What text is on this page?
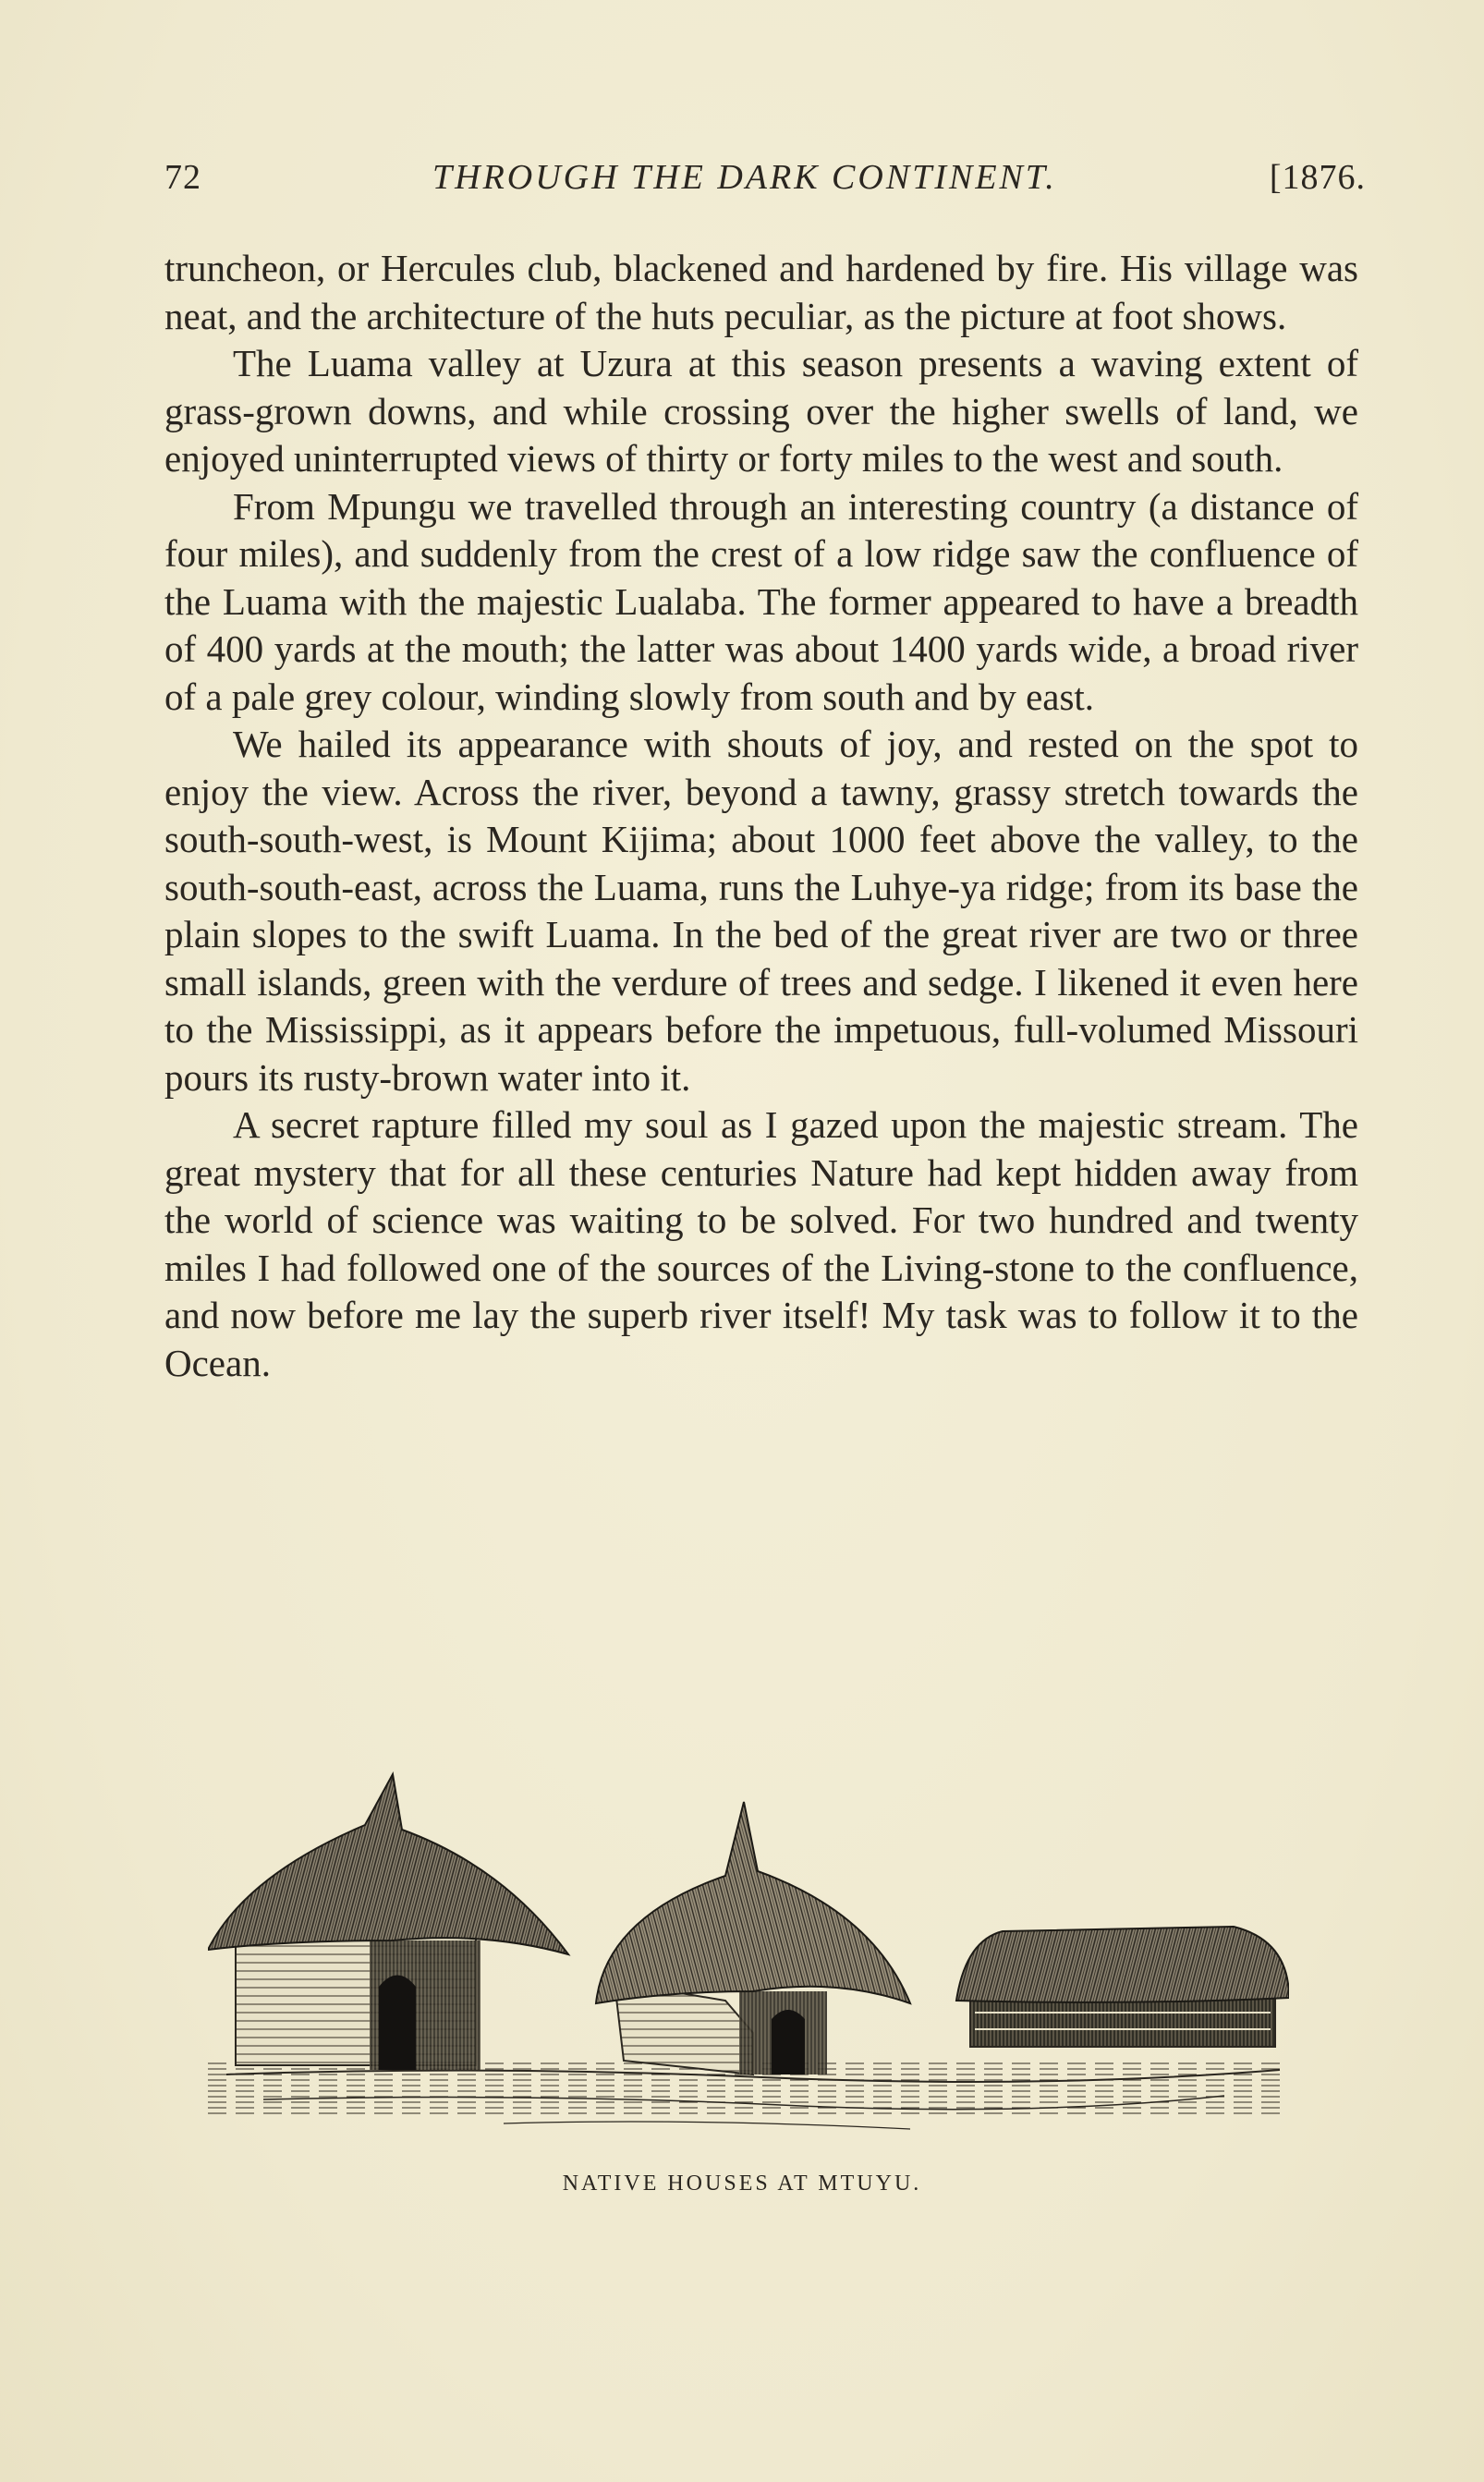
72	THROUGH THE DARK CONTINENT.	[1876.

truncheon, or Hercules club, blackened and hardened by fire. His village was neat, and the architecture of the huts peculiar, as the picture at foot shows.

The Luama valley at Uzura at this season presents a waving extent of grass-grown downs, and while crossing over the higher swells of land, we enjoyed uninterrupted views of thirty or forty miles to the west and south.

From Mpungu we travelled through an interesting country (a distance of four miles), and suddenly from the crest of a low ridge saw the confluence of the Luama with the majestic Lualaba. The former appeared to have a breadth of 400 yards at the mouth; the latter was about 1400 yards wide, a broad river of a pale grey colour, winding slowly from south and by east.

We hailed its appearance with shouts of joy, and rested on the spot to enjoy the view. Across the river, beyond a tawny, grassy stretch towards the south-south-west, is Mount Kijima; about 1000 feet above the valley, to the south-south-east, across the Luama, runs the Luhye-ya ridge; from its base the plain slopes to the swift Luama. In the bed of the great river are two or three small islands, green with the verdure of trees and sedge. I likened it even here to the Mississippi, as it appears before the impetuous, full-volumed Missouri pours its rusty-brown water into it.

A secret rapture filled my soul as I gazed upon the majestic stream. The great mystery that for all these centuries Nature had kept hidden away from the world of science was waiting to be solved. For two hundred and twenty miles I had followed one of the sources of the Living-stone to the confluence, and now before me lay the superb river itself! My task was to follow it to the Ocean.

NATIVE HOUSES AT MTUYU.
